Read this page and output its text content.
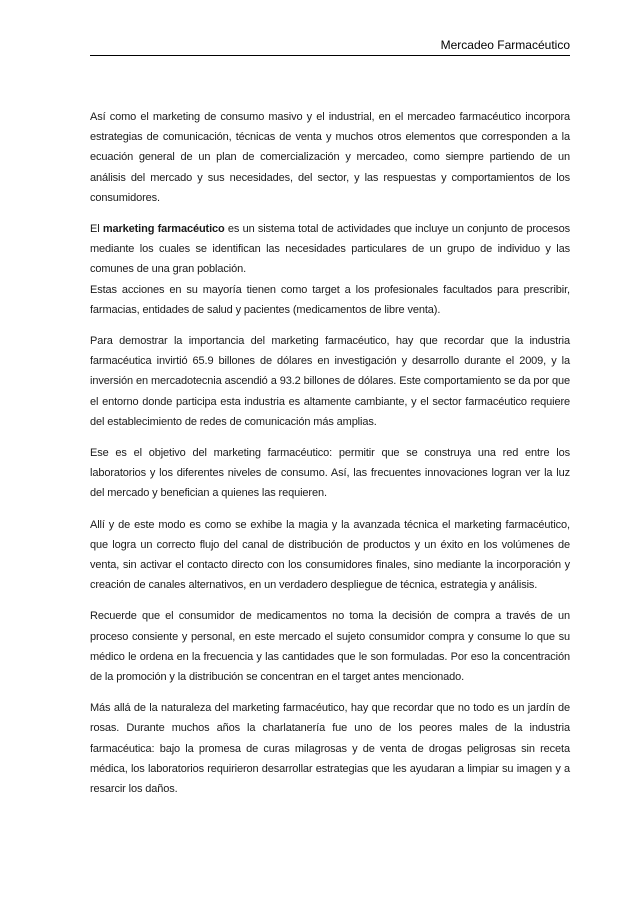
Mercadeo Farmacéutico

Así como el marketing de consumo masivo y el industrial, en el mercadeo farmacéutico incorpora estrategias de comunicación, técnicas de venta y muchos otros elementos que corresponden a la ecuación general de un plan de comercialización y mercadeo, como siempre partiendo de un análisis del mercado y sus necesidades, del sector, y las respuestas y comportamientos de los consumidores.

El marketing farmacéutico es un sistema total de actividades que incluye un conjunto de procesos mediante los cuales se identifican las necesidades particulares de un grupo de individuo y las comunes de una gran población.

Estas acciones en su mayoría tienen como target a los profesionales facultados para prescribir, farmacias, entidades de salud y pacientes (medicamentos de libre venta).

Para demostrar la importancia del marketing farmacéutico, hay que recordar que la industria farmacéutica invirtió 65.9 billones de dólares en investigación y desarrollo durante el 2009, y la inversión en mercadotecnia ascendió a 93.2 billones de dólares. Este comportamiento se da por que el entorno donde participa esta industria es altamente cambiante, y el sector farmacéutico requiere del establecimiento de redes de comunicación más amplias.

Ese es el objetivo del marketing farmacéutico: permitir que se construya una red entre los laboratorios y los diferentes niveles de consumo. Así, las frecuentes innovaciones logran ver la luz del mercado y benefician a quienes las requieren.

Allí y de este modo es como se exhibe la magia y la avanzada técnica el marketing farmacéutico, que logra un correcto flujo del canal de distribución de productos y un éxito en los volúmenes de venta, sin activar el contacto directo con los consumidores finales, sino mediante la incorporación y creación de canales alternativos, en un verdadero despliegue de técnica, estrategia y análisis.

Recuerde que el consumidor de medicamentos no toma la decisión de compra a través de un proceso consiente y personal, en este mercado el sujeto consumidor compra y consume lo que su médico le ordena en la frecuencia y las cantidades que le son formuladas. Por eso la concentración de la promoción y la distribución se concentran en el target antes mencionado.

Más allá de la naturaleza del marketing farmacéutico, hay que recordar que no todo es un jardín de rosas. Durante muchos años la charlatanería fue uno de los peores males de la industria farmacéutica: bajo la promesa de curas milagrosas y de venta de drogas peligrosas sin receta médica, los laboratorios requirieron desarrollar estrategias que les ayudaran a limpiar su imagen y a resarcir los daños.
